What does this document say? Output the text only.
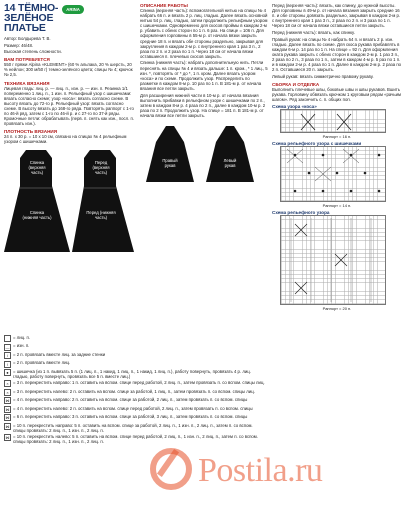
14 ТЁМНО-
ЗЕЛЁНОЕ
ПЛАТЬЕ
ARINA

Автор: Болдырева Т. В.

Размер: 46/48.

Высокая степень сложности.

ВАМ ПОТРЕБУЕТСЯ

550 г пряжи Alpina «KLEMENT» (60 % альпака, 20 % шерсть, 20 % нейлон; 300 м/50 г) темно-зелёного цвета; спицы № 4; крючок № 2,5.

ТЕХНИКА ВЯЗАНИЯ

Лицевая гладь: лиц. р. — лиц. п., изн. р. — изн. п. Резинка 1/1 попеременно 1 лиц. п., 1 изн. п. Рельефный узор с шишечками: вязать согласно схеме; узор «коса»: вязать согласно схеме. В высоту вязать до 72-го р. Рельефный узор: вязать согласно схеме. В высоту вязать до 168-го ряда. Повторять раппорт с 1-го по 46-й ряд, затем с 1-го по 46-й р. и с 27-го по 37-й ряды. Кромочные петли: обрабатывать (перв. п. снять как изн., посл. п. провязать изн.).

ПЛОТНОСТЬ ВЯЗАНИЯ

24 п. x 30 р. = 10 x 10 см, связано на спицах № 4 рельефным узором с шишечками.

Спинка (верхняя часть)
Перед (верхняя часть)
Спинка (нижняя часть)
Перед (нижняя часть)
ОПИСАНИЕ РАБОТЫ

Спинка (верхняя часть): вспомогательной нитью на спицы № 4 набрать 66 п. и вязать 2 р. лиц. гладью. Далее вязать основной нитью 54 р. лиц. гладью, затем продолжить рельефным узором с шишечками. Одновременно для скосов проймы в каждом 2-м р. убавить с обеих сторон по 1 п. 6 раз. На спице = 106 п. Для оформления горловины в 55-м р. от начала вязки закрыть средние 18 п. и вязать обе стороны раздельно, закрывая для закругления в каждом 2-м р. с внутреннего края 1 раз 3 п., 2 раза по 2 п. и 2 раза по 1 п. Через 18 см от начала вязки оставшиеся п. плечевых скосов закрыть.

Спинка (нижняя часть): набрать дополнительную нить. Петли переснять на спицы № 4 и вязать дальше: 1 п. кром., * 1 лиц., 5 изн. *, повторять от * до *, 1 п. кром. Далее вязать узором «коса» и по схеме. Продолжить узор. Распределить по разметке в каждом 8-м р. 10 раз по 1 п. В 181-м р. от начала вязания все петли закрыть.

Для расширения нижней части в 10-м р. от начала вязания выполнить прибавки в рельефном узоре с шишечками по 2 п., затем в каждом 8-м р. 4 раза по 2 п., далее в каждом 10-м р. 2 раза по 2 п. Продолжить узор. На спице = 181 п. В 181-м р. от начала вязки все петли закрыть.

Правый рукав
Левый рукав

Перед (верхняя часть): вязать, как спинку, до нужной высоты. Для горловины в 49-м р. от начала вязания закрыть средние 16 п. и обе стороны довязать раздельно, закрывая в каждом 2-м р. с внутреннего края 1 раз 3 п., 2 раза по 2 п. и 3 раза по 1 п. Через 18 см от начала вязки оставшиеся петли закрыть.

Перед (нижняя часть): вязать, как спинку.

Правый рукав: на спицы № 4 набрать 64 п. и вязать 2 р. изн. гладью. Далее вязать по схеме. Для скоса рукава прибавлять в каждом 6-м р. 14 раз по 1 п. На спице = 92 п. Для оформления оката рукава закрыть с обеих сторон в каждом 2-м р. 1 раз 3 п., 2 раза по 2 п., 3 раза по 1 п., затем в каждом 4-м р. 5 раз по 1 п. и в каждом 2-м р. 4 раза по 1 п. Далее в каждом 2-м р. 2 раза по 2 п. Оставшиеся 20 п. закрыть.

Левый рукав: вязать симметрично правому рукаву.

СБОРКА И ОТДЕЛКА

Выполнить плечевые швы, боковые швы и швы рукавов. Вшить рукава. Горловину обвязать крючком 1 круговым рядом «рачьим шагом». Ряд закончить с. п. общих поп.

Схема узора «коса»
Раппорт = 16 п.
Схема рельефного узора с шишечками
Раппорт = 14 п.
Схема рельефного узора
Раппорт = 20 п.
= лиц. п.
— = изн. п.
/	= 2 п. провязать вместе лиц. за задние стенки
\	= 2 п. провязать вместе лиц.
● = шишечка (из 1 п. вывязать 5 п. (1 лиц. п., 1 накид, 1 лиц. п., 1 накид, 1 лиц. п.), работу повернуть, провязать 4 р. лиц. гладью, работу повернуть, провязать все 5 п. вместе лиц.)
×	= 3 п. перекрестить направо: 1 п. оставить на вспом. спице перед работой, 2 лиц. п., затем провязать п. со вспом. спицы лиц.
×	= 3 п. перекрестить налево: 2 п. оставить на вспом. спице за работой, 1 лиц. п., затем провязать п. со вспом. спицы лиц.
⋈ = 4 п. перекрестить направо: 2 п. оставить на вспом. спице за работой, 2 лиц. п., затем провязать п. со вспом. спицы
⋈ = 4 п. перекрестить налево: 2 п. оставить на вспом. спице перед работой, 2 лиц. п., затем провязать п. со вспом. спицы
⋈ = 6 п. перекрестить направо: 3 п. оставить на вспом. спице за работой, 3 лиц. п., затем провязать п. со вспом. спицы
⋈ = 10 п. перекрестить направо: 5 п. оставить на вспом. спице за работой, 2 лиц. п., 1 изн. п., 2 лиц. п., затем п. со вспом. спицы провязать: 2 лиц. п., 1 изн. п., 2 лиц. п.
⋈ = 10 п. перекрестить налево: 5 п. оставить на вспом. спице перед работой, 2 лиц. п., 1 изн. п., 2 лиц. п., затем п. со вспом. спицы провязать: 2 лиц. п., 1 изн. п., 2 лиц. п.
Postila.ru
